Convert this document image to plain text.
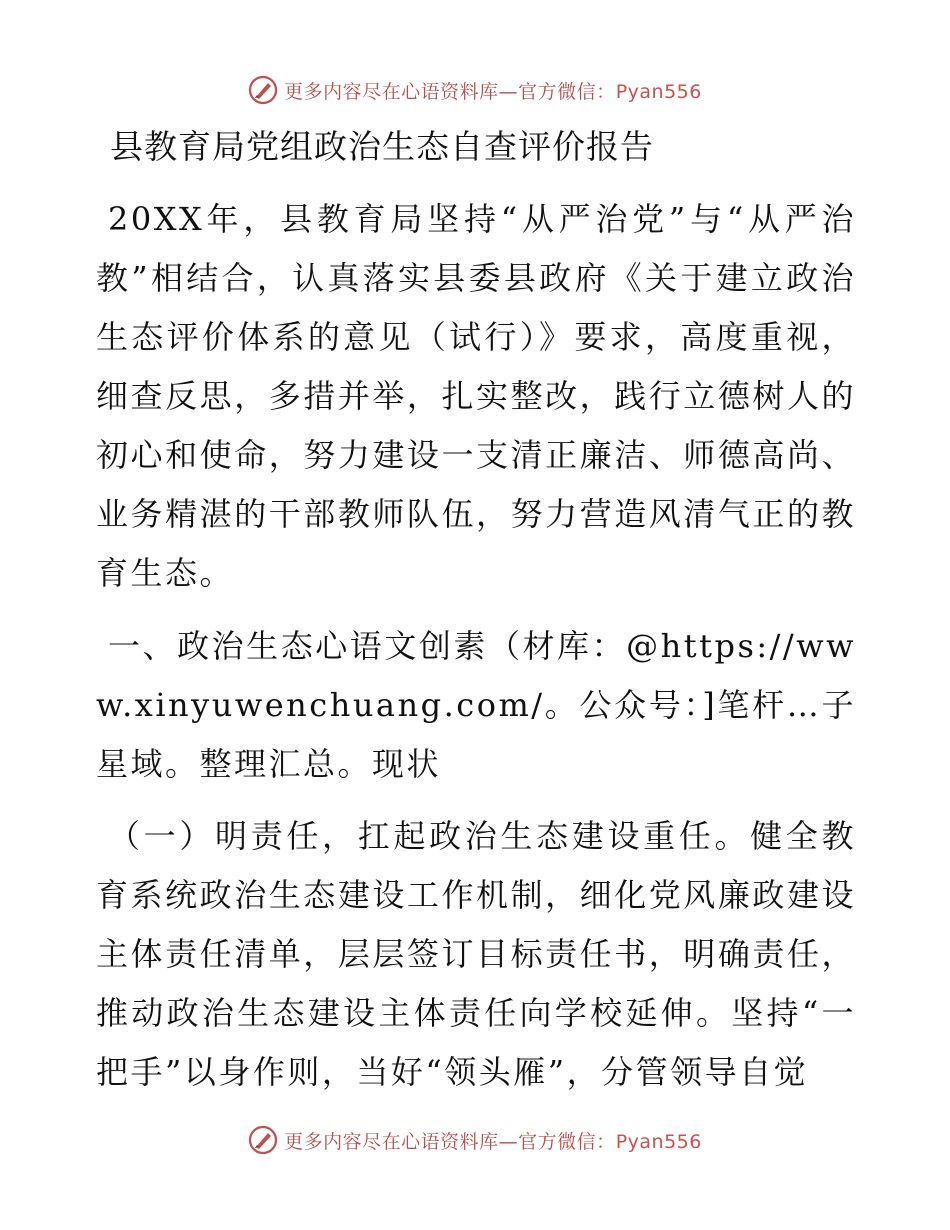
更多内容尽在心语资料库—官方微信：Pyan556
县教育局党组政治生态自查评价报告

20XX年，县教育局坚持“从严治党”与“从严治教”相结合，认真落实县委县政府《关于建立政治生态评价体系的意见（试行）》要求，高度重视，细查反思，多措并举，扎实整改，践行立德树人的初心和使命，努力建设一支清正廉洁、师德高尚、业务精湛的干部教师队伍，努力营造风清气正的教育生态。

一、政治生态心语文创素（材库：@https://www.xinyuwenchuang.com/。公众号：]笔杆…子星域。整理汇总。现状

（一）明责任，扛起政治生态建设重任。健全教育系统政治生态建设工作机制，细化党风廉政建设主体责任清单，层层签订目标责任书，明确责任，推动政治生态建设主体责任向学校延伸。坚持“一把手”以身作则，当好“领头雁”，分管领导自觉

更多内容尽在心语资料库—官方微信：Pyan556
